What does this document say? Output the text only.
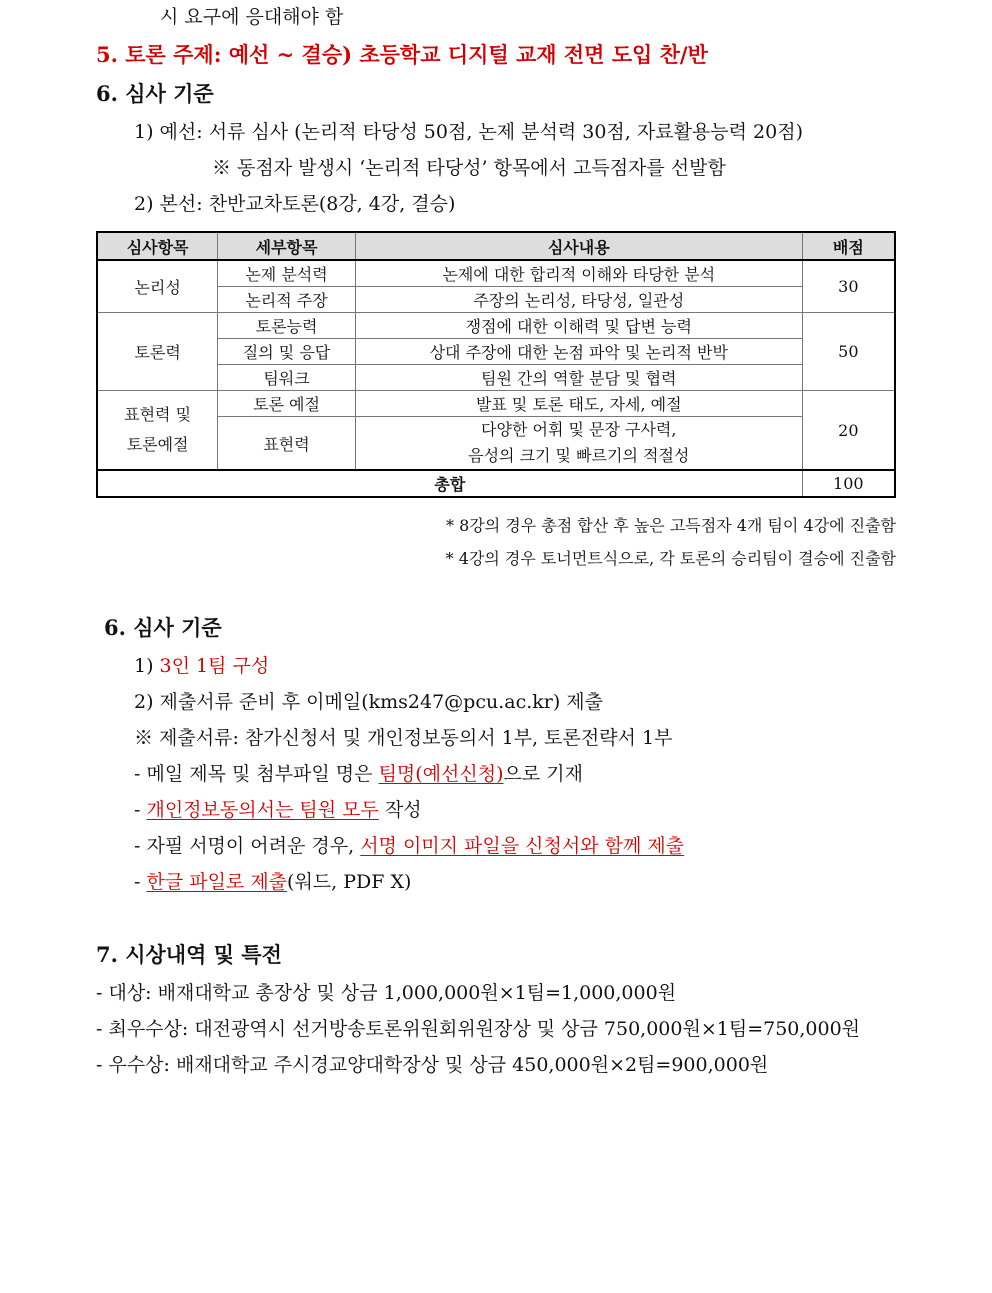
시 요구에 응대해야 함
5. 토론 주제: 예선 ~ 결승) 초등학교 디지털 교재 전면 도입 찬/반
6. 심사 기준
1) 예선: 서류 심사 (논리적 타당성 50점, 논제 분석력 30점, 자료활용능력 20점)
※ 동점자 발생시 ‘논리적 타당성’ 항목에서 고득점자를 선발함
2) 본선: 찬반교차토론(8강, 4강, 결승)
심사항목	세부항목	심사내용	배점
논리성	논제 분석력	논제에 대한 합리적 이해와 타당한 분석	30
	논리적 주장	주장의 논리성, 타당성, 일관성	
토론력	토론능력	쟁점에 대한 이해력 및 답변 능력	50
	질의 및 응답	상대 주장에 대한 논점 파악 및 논리적 반박	
	팀워크	팀원 간의 역할 분담 및 협력	
표현력 및
토론예절	토론 예절	발표 및 토론 태도, 자세, 예절	20
	표현력	다양한 어휘 및 문장 구사력,
음성의 크기 및 빠르기의 적절성	
총합			100
* 8강의 경우 총점 합산 후 높은 고득점자 4개 팀이 4강에 진출함
* 4강의 경우 토너먼트식으로, 각 토론의 승리팀이 결승에 진출함
6. 심사 기준
1) 3인 1팀 구성
2) 제출서류 준비 후 이메일(kms247@pcu.ac.kr) 제출
※ 제출서류: 참가신청서 및 개인정보동의서 1부, 토론전략서 1부
- 메일 제목 및 첨부파일 명은 팀명(예선신청)으로 기재
- 개인정보동의서는 팀원 모두 작성
- 자필 서명이 어려운 경우, 서명 이미지 파일을 신청서와 함께 제출
- 한글 파일로 제출(워드, PDF X)
7. 시상내역 및 특전
- 대상: 배재대학교 총장상 및 상금 1,000,000원×1팀=1,000,000원
- 최우수상: 대전광역시 선거방송토론위원회위원장상 및 상금 750,000원×1팀=750,000원
- 우수상: 배재대학교 주시경교양대학장상 및 상금 450,000원×2팀=900,000원
